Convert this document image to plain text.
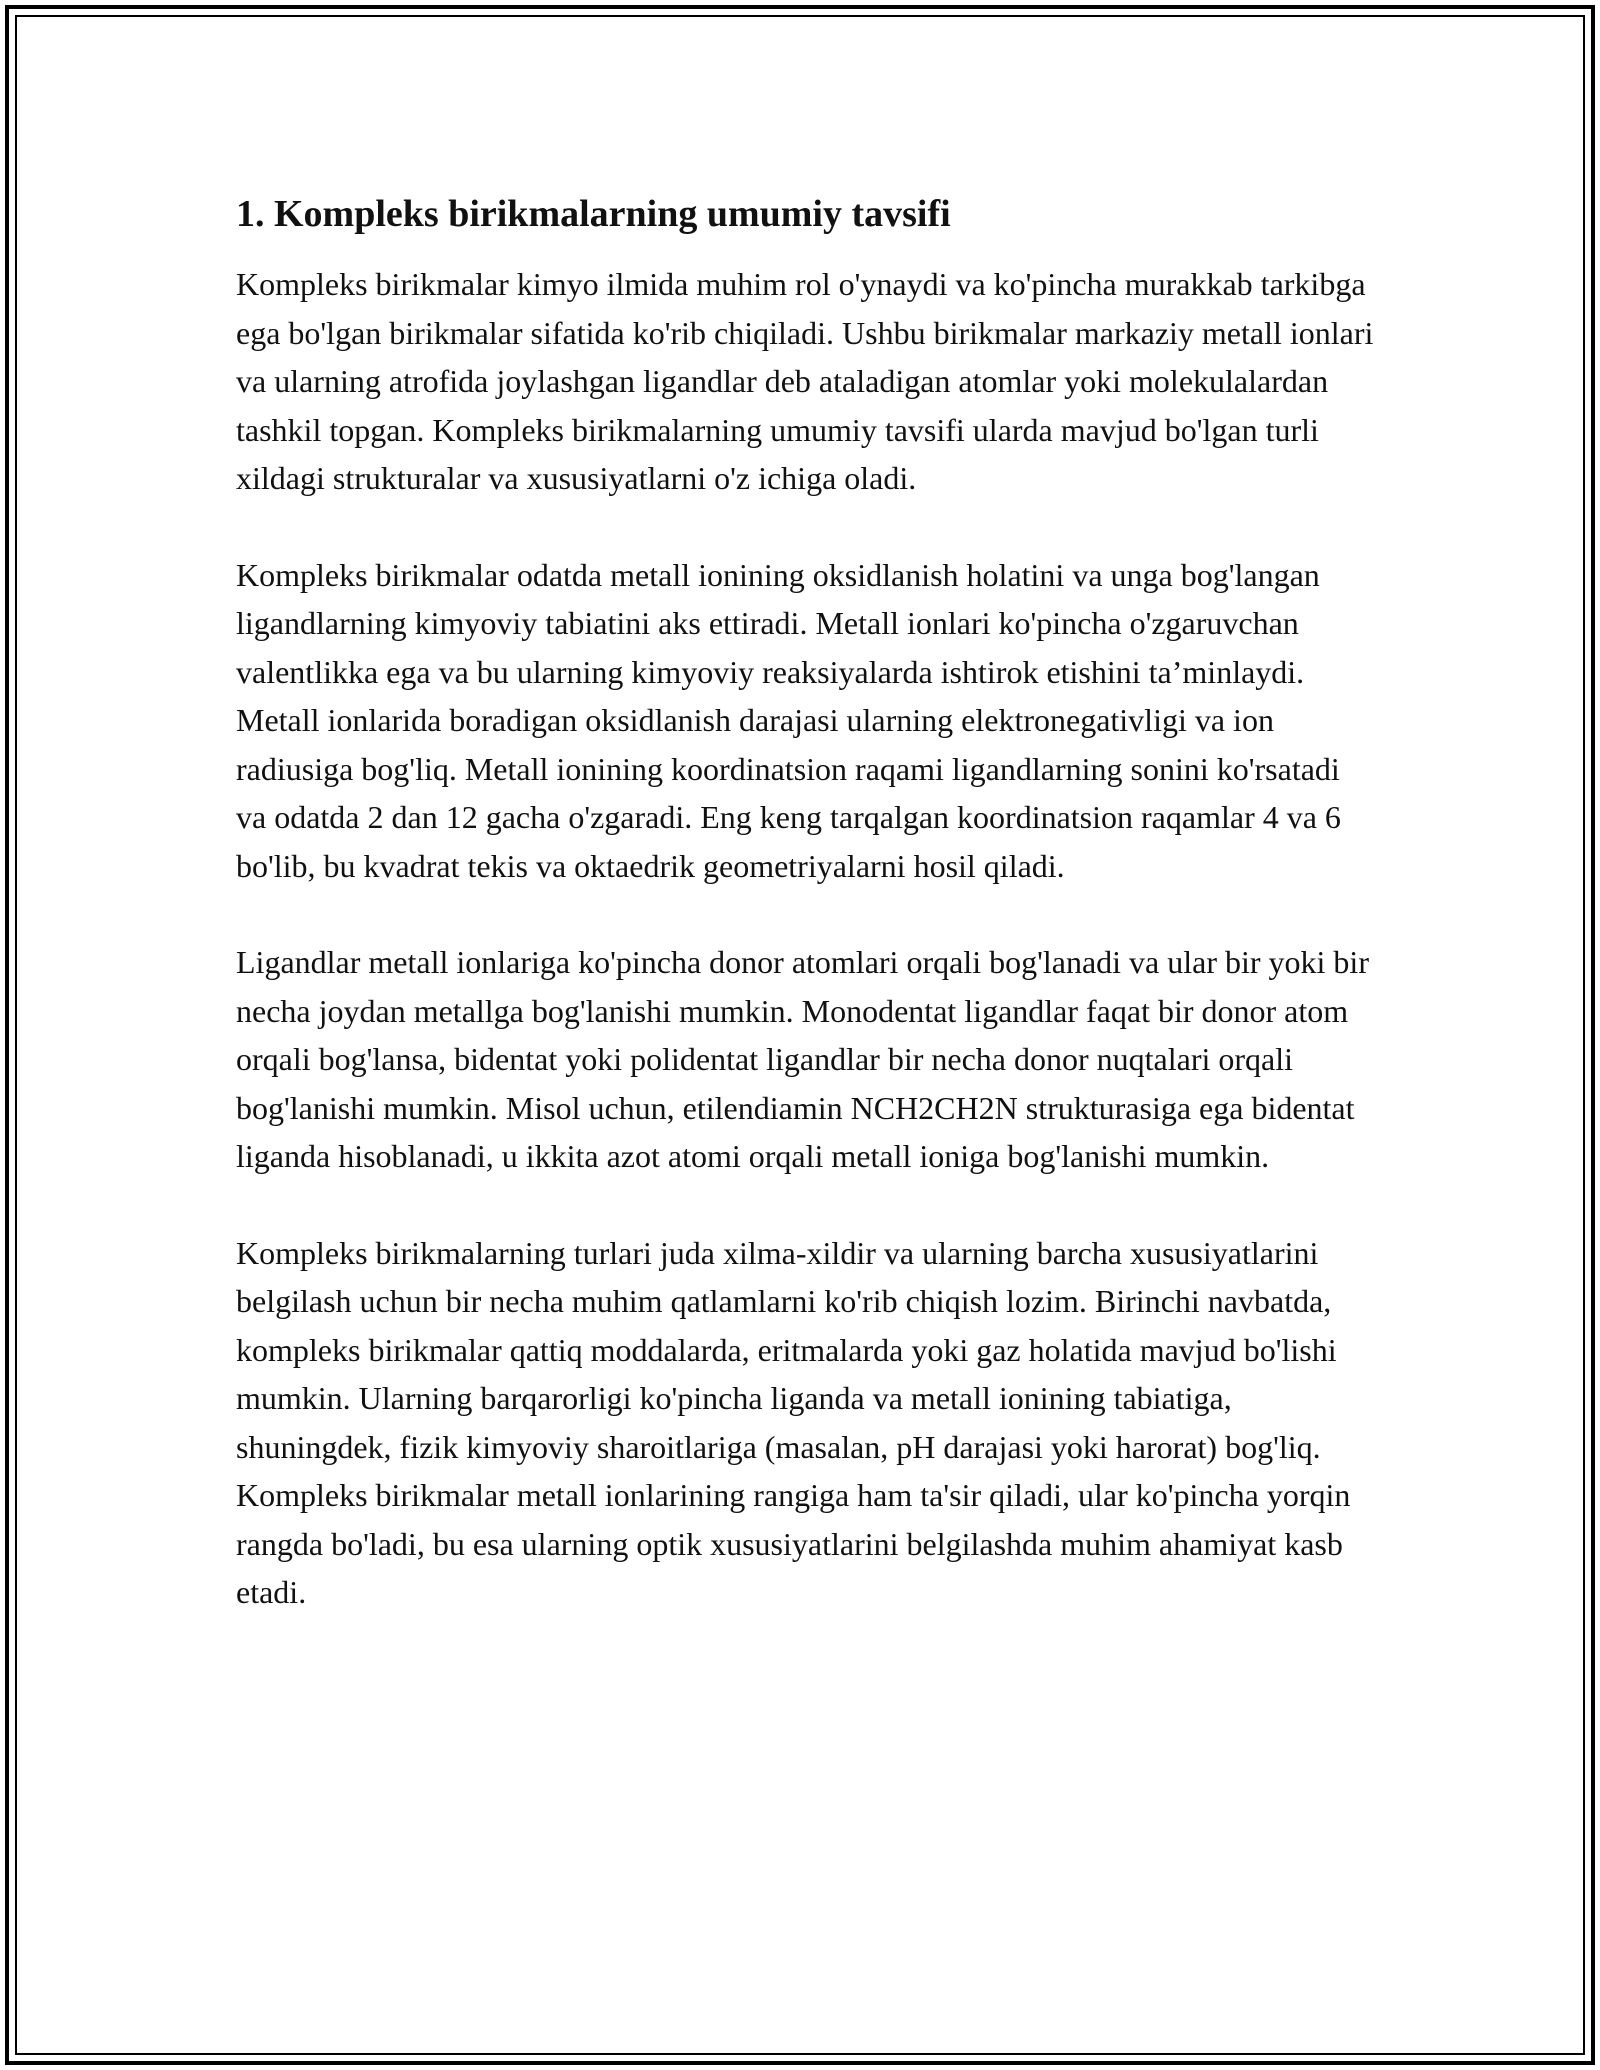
1. Kompleks birikmalarning umumiy tavsifi

Kompleks birikmalar kimyo ilmida muhim rol o'ynaydi va ko'pincha murakkab tarkibga ega bo'lgan birikmalar sifatida ko'rib chiqiladi. Ushbu birikmalar markaziy metall ionlari va ularning atrofida joylashgan ligandlar deb ataladigan atomlar yoki molekulalardan tashkil topgan. Kompleks birikmalarning umumiy tavsifi ularda mavjud bo'lgan turli xildagi strukturalar va xususiyatlarni o'z ichiga oladi.

Kompleks birikmalar odatda metall ionining oksidlanish holatini va unga bog'langan ligandlarning kimyoviy tabiatini aks ettiradi. Metall ionlari ko'pincha o'zgaruvchan valentlikka ega va bu ularning kimyoviy reaksiyalarda ishtirok etishini ta’minlaydi. Metall ionlarida boradigan oksidlanish darajasi ularning elektronegativligi va ion radiusiga bog'liq. Metall ionining koordinatsion raqami ligandlarning sonini ko'rsatadi va odatda 2 dan 12 gacha o'zgaradi. Eng keng tarqalgan koordinatsion raqamlar 4 va 6 bo'lib, bu kvadrat tekis va oktaedrik geometriyalarni hosil qiladi.

Ligandlar metall ionlariga ko'pincha donor atomlari orqali bog'lanadi va ular bir yoki bir necha joydan metallga bog'lanishi mumkin. Monodentat ligandlar faqat bir donor atom orqali bog'lansa, bidentat yoki polidentat ligandlar bir necha donor nuqtalari orqali bog'lanishi mumkin. Misol uchun, etilendiamin NCH2CH2N strukturasiga ega bidentat liganda hisoblanadi, u ikkita azot atomi orqali metall ioniga bog'lanishi mumkin.

Kompleks birikmalarning turlari juda xilma-xildir va ularning barcha xususiyatlarini belgilash uchun bir necha muhim qatlamlarni ko'rib chiqish lozim. Birinchi navbatda, kompleks birikmalar qattiq moddalarda, eritmalarda yoki gaz holatida mavjud bo'lishi mumkin. Ularning barqarorligi ko'pincha liganda va metall ionining tabiatiga, shuningdek, fizik kimyoviy sharoitlariga (masalan, pH darajasi yoki harorat) bog'liq. Kompleks birikmalar metall ionlarining rangiga ham ta'sir qiladi, ular ko'pincha yorqin rangda bo'ladi, bu esa ularning optik xususiyatlarini belgilashda muhim ahamiyat kasb etadi.
